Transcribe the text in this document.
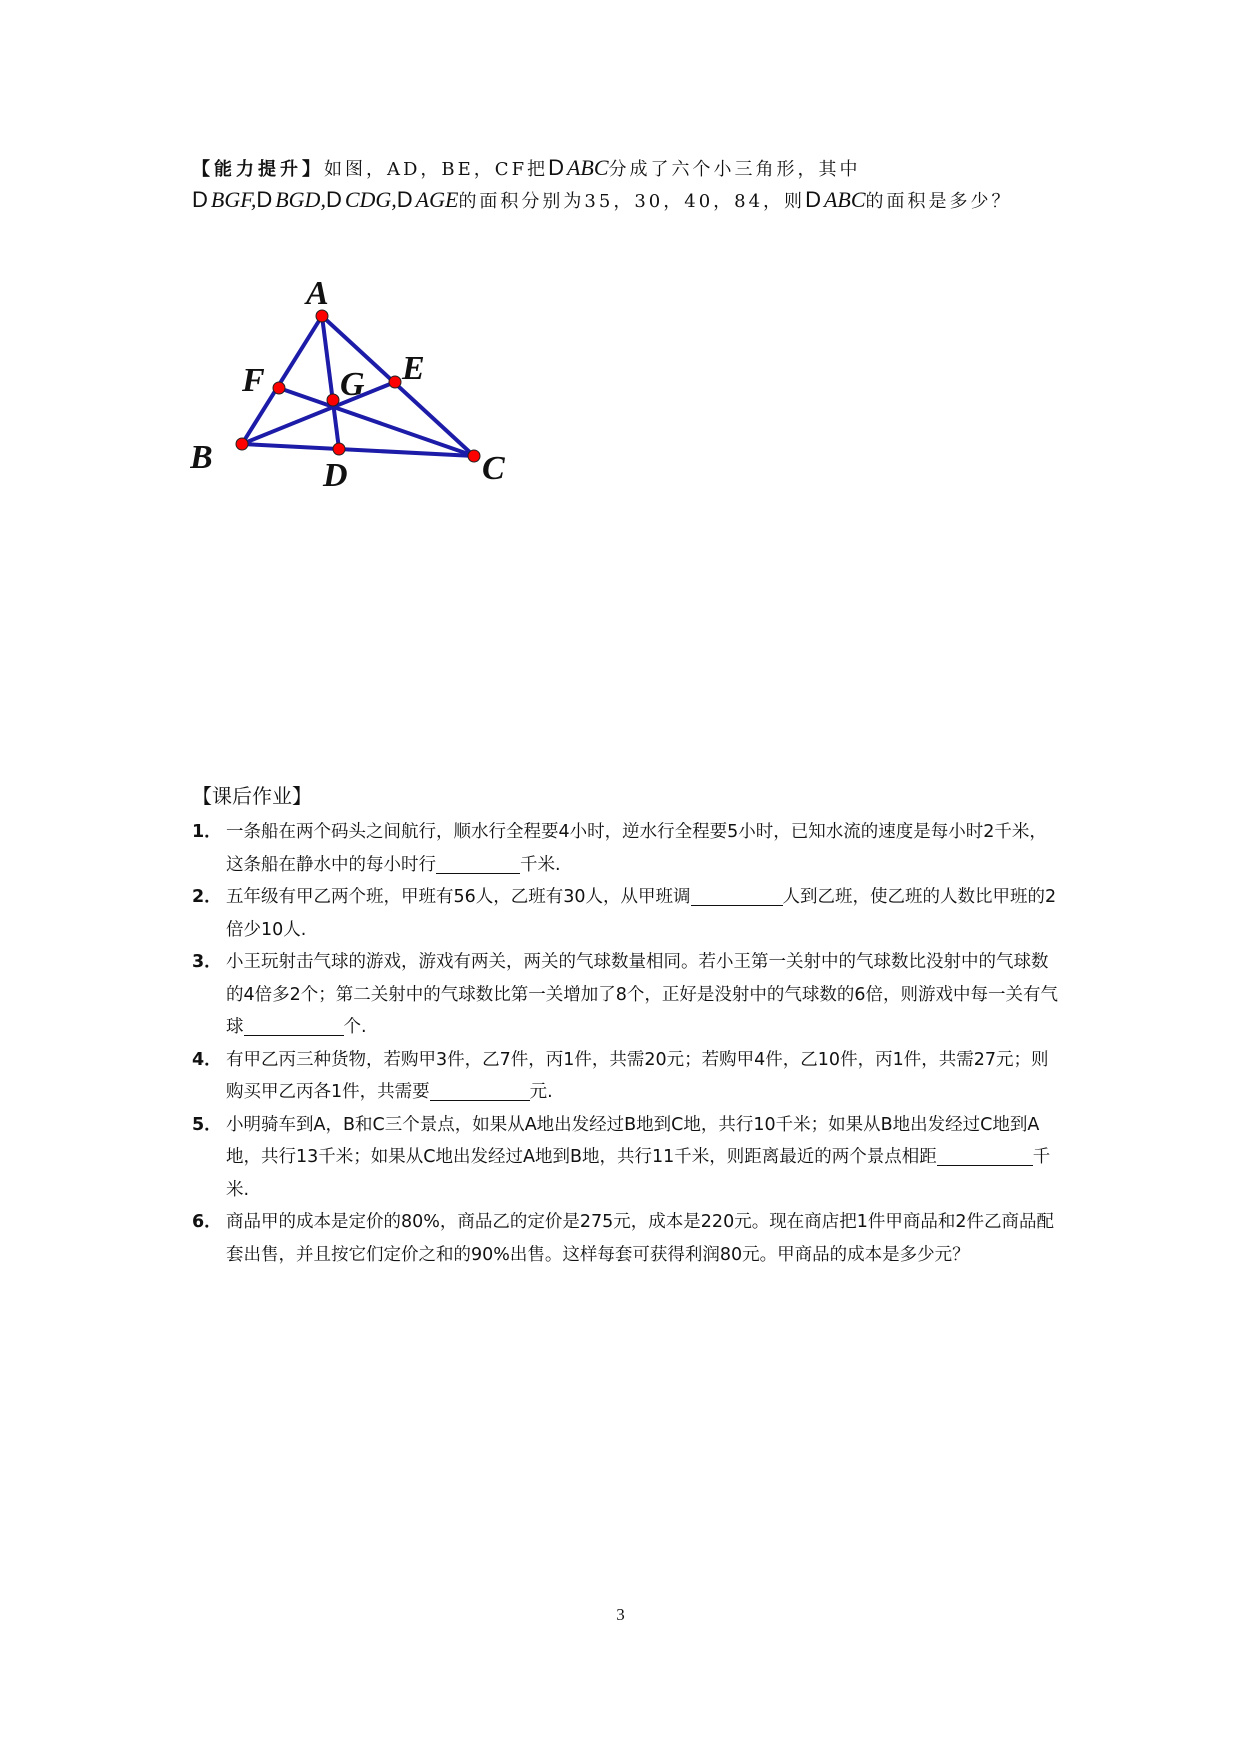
【能力提升】如图，AD，BE，CF把DABC分成了六个小三角形，其中
DBGF,DBGD,DCDG,DAGE的面积分别为35，30，40，84，则DABC的面积是多少？
A
B	C
D
E
F G
【课后作业】
1． 一条船在两个码头之间航行，顺水行全程要4小时，逆水行全程要5小时，已知水流的速度是每小时2千米，这条船在静水中的每小时行	千米.
2． 五年级有甲乙两个班，甲班有56人，乙班有30人，从甲班调	人到乙班，使乙班的人数比甲班的2倍少10人.
3． 小王玩射击气球的游戏，游戏有两关，两关的气球数量相同。若小王第一关射中的气球数比没射中的气球数的4倍多2个；第二关射中的气球数比第一关增加了8个，正好是没射中的气球数的6倍，则游戏中每一关有气球	个.
4． 有甲乙丙三种货物，若购甲3件，乙7件，丙1件，共需20元；若购甲4件，乙10件，丙1件，共需27元；则购买甲乙丙各1件，共需要	元.
5． 小明骑车到A，B和C三个景点，如果从A地出发经过B地到C地，共行10千米；如果从B地出发经过C地到A地，共行13千米；如果从C地出发经过A地到B地，共行11千米，则距离最近的两个景点相距	千米.
6． 商品甲的成本是定价的80%，商品乙的定价是275元，成本是220元。现在商店把1件甲商品和2件乙商品配套出售，并且按它们定价之和的90%出售。这样每套可获得利润80元。甲商品的成本是多少元？
3
